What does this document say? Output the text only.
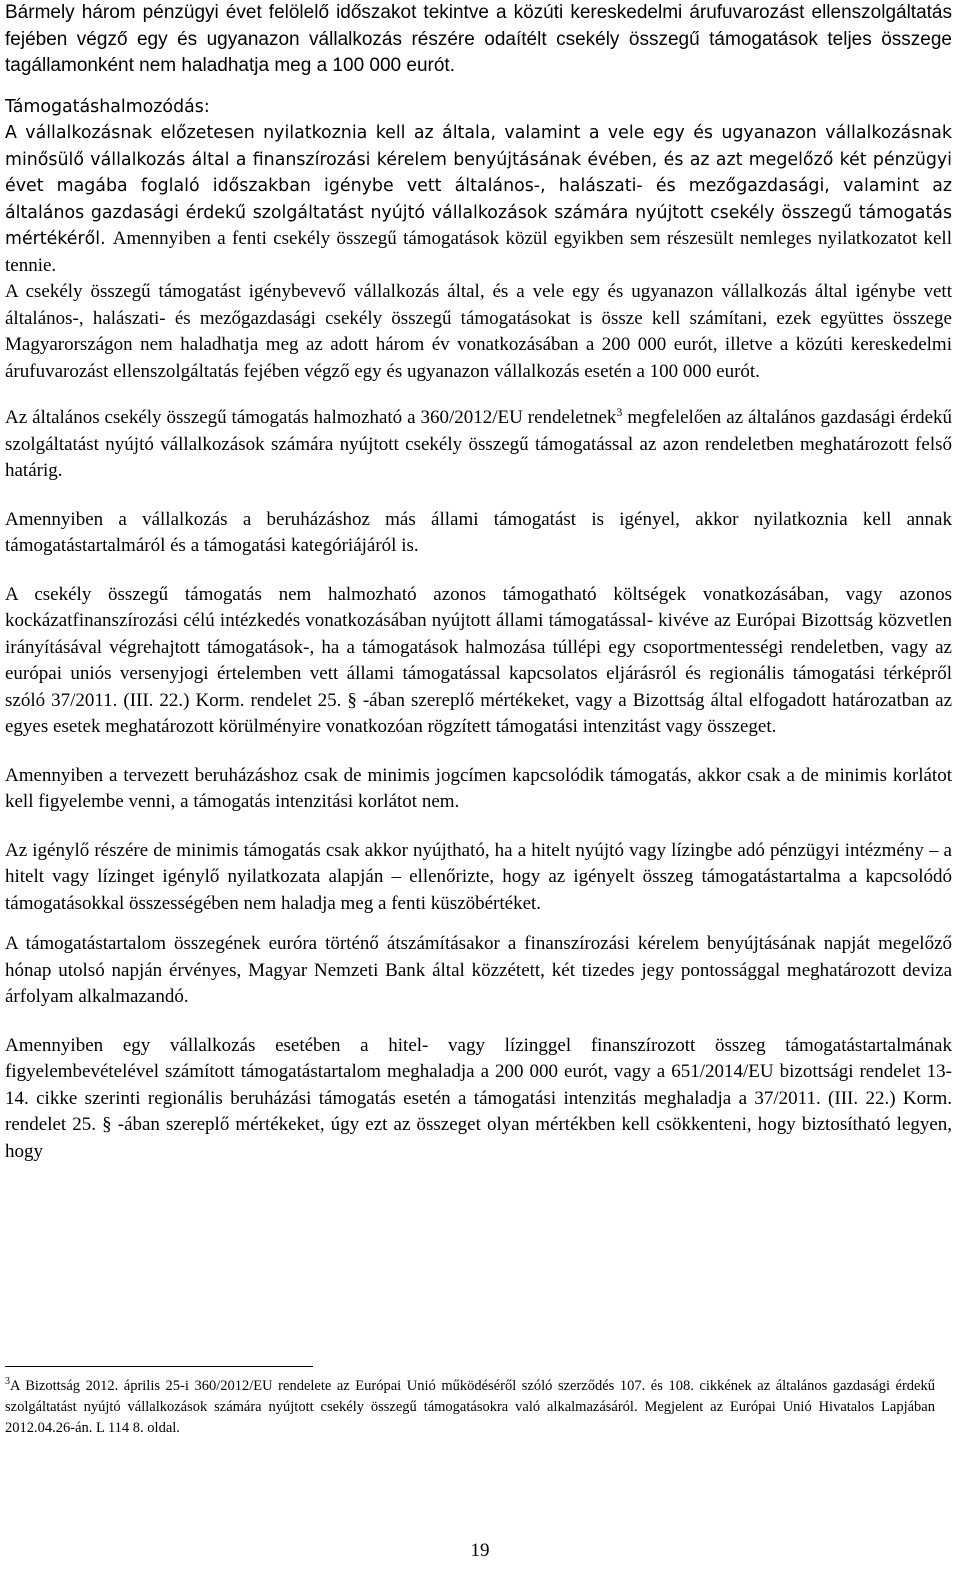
Bármely három pénzügyi évet felölelő időszakot tekintve a közúti kereskedelmi árufuvarozást ellenszolgáltatás fejében végző egy és ugyanazon vállalkozás részére odaítélt csekély összegű támogatások teljes összege tagállamonként nem haladhatja meg a 100 000 eurót.

Támogatáshalmozódás:

A vállalkozásnak előzetesen nyilatkoznia kell az általa, valamint a vele egy és ugyanazon vállalkozásnak minősülő vállalkozás által a finanszírozási kérelem benyújtásának évében, és az azt megelőző két pénzügyi évet magába foglaló időszakban igénybe vett általános-, halászati- és mezőgazdasági, valamint az általános gazdasági érdekű szolgáltatást nyújtó vállalkozások számára nyújtott csekély összegű támogatás mértékéről. Amennyiben a fenti csekély összegű támogatások közül egyikben sem részesült nemleges nyilatkozatot kell tennie.

A csekély összegű támogatást igénybevevő vállalkozás által, és a vele egy és ugyanazon vállalkozás által igénybe vett általános-, halászati- és mezőgazdasági csekély összegű támogatásokat is össze kell számítani, ezek együttes összege Magyarországon nem haladhatja meg az adott három év vonatkozásában a 200 000 eurót, illetve a közúti kereskedelmi árufuvarozást ellenszolgáltatás fejében végző egy és ugyanazon vállalkozás esetén a 100 000 eurót.

Az általános csekély összegű támogatás halmozható a 360/2012/EU rendeletnek$^3$ megfelelően az általános gazdasági érdekű szolgáltatást nyújtó vállalkozások számára nyújtott csekély összegű támogatással az azon rendeletben meghatározott felső határig.

Amennyiben a vállalkozás a beruházáshoz más állami támogatást is igényel, akkor nyilatkoznia kell annak támogatástartalmáról és a támogatási kategóriájáról is.

A csekély összegű támogatás nem halmozható azonos támogatható költségek vonatkozásában, vagy azonos kockázatfinanszírozási célú intézkedés vonatkozásában nyújtott állami támogatással- kivéve az Európai Bizottság közvetlen irányításával végrehajtott támogatások-, ha a támogatások halmozása túllépi egy csoportmentességi rendeletben, vagy az európai uniós versenyjogi értelemben vett állami támogatással kapcsolatos eljárásról és regionális támogatási térképről szóló 37/2011. (III. 22.) Korm. rendelet 25. § -ában szereplő mértékeket, vagy a Bizottság által elfogadott határozatban az egyes esetek meghatározott körülményire vonatkozóan rögzített támogatási intenzitást vagy összeget.

Amennyiben a tervezett beruházáshoz csak de minimis jogcímen kapcsolódik támogatás, akkor csak a de minimis korlátot kell figyelembe venni, a támogatás intenzitási korlátot nem.

Az igénylő részére de minimis támogatás csak akkor nyújtható, ha a hitelt nyújtó vagy lízingbe adó pénzügyi intézmény – a hitelt vagy lízinget igénylő nyilatkozata alapján – ellenőrizte, hogy az igényelt összeg támogatástartalma a kapcsolódó támogatásokkal összességében nem haladja meg a fenti küszöbértéket.

A támogatástartalom összegének euróra történő átszámításakor a finanszírozási kérelem benyújtásának napját megelőző hónap utolsó napján érvényes, Magyar Nemzeti Bank által közzétett, két tizedes jegy pontossággal meghatározott deviza árfolyam alkalmazandó.

Amennyiben egy vállalkozás esetében a hitel- vagy lízinggel finanszírozott összeg támogatástartalmának figyelembevételével számított támogatástartalom meghaladja a 200 000 eurót, vagy a 651/2014/EU bizottsági rendelet 13-14. cikke szerinti regionális beruházási támogatás esetén a támogatási intenzitás meghaladja a 37/2011. (III. 22.) Korm. rendelet 25. § -ában szereplő mértékeket, úgy ezt az összeget olyan mértékben kell csökkenteni, hogy biztosítható legyen, hogy

$^3$A Bizottság 2012. április 25-i 360/2012/EU rendelete az Európai Unió működéséről szóló szerződés 107. és 108. cikkének az általános gazdasági érdekű szolgáltatást nyújtó vállalkozások számára nyújtott csekély összegű támogatásokra való alkalmazásáról. Megjelent az Európai Unió Hivatalos Lapjában 2012.04.26-án. L 114 8. oldal.
19
